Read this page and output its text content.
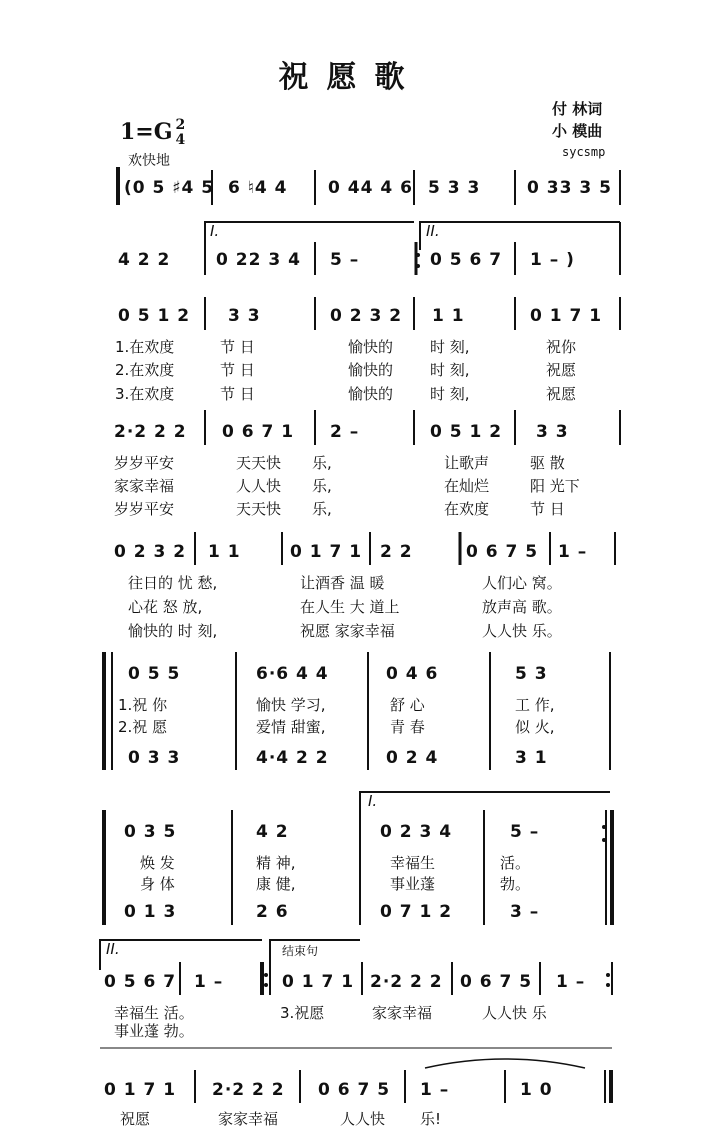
祝愿歌
付 林词
小 模曲
sycsmp
1=G 2
4
欢快地
I.	II.
I.
II.	结束句
(0 5 ♯4 5 6 ♮4 4 0 44 4 6 5 3 3	0 33 3 5
4 2 2	0 22 3 4 5 –	0 5 6 7 1 – )
0 5 1 2 3 3	0 2 3 2 1 1	0 1 7 1
1.在欢度	节 日	愉快的 时 刻,	祝你
2.在欢度	节 日	愉快的 时 刻,	祝愿
3.在欢度	节 日	愉快的 时 刻,	祝愿
2·2 2 2 0 6 7 1 2 –	0 5 1 2 3 3
岁岁平安	天天快 乐,	让歌声	驱 散
家家幸福	人人快 乐,	在灿烂	阳 光下
岁岁平安	天天快 乐,	在欢度	节 日
0 2 3 2 1 1	0 1 7 1 2 2	0 6 7 5 1 –
往日的 忧 愁,	让酒香 温 暖	人们心 窝。
心花 怒 放,	在人生 大 道上	放声高 歌。
愉快的 时 刻,	祝愿 家家幸福	人人快 乐。
0 5 5	6·6 4 4	0 4 6	5 3
1.祝 你	愉快 学习,	舒 心	工 作,
2.祝 愿	爱情 甜蜜,	青 春	似 火,
0 3 3	4·4 2 2	0 2 4	3 1
0 3 5	4 2	0 2 3 4	5 –
焕 发	精 神,	幸福生	活。
身 体	康 健,	事业蓬	勃。
0 1 3	2 6	0 7 1 2	3 –
0 5 6 7 1 –	0 1 7 1 2·2 2 2 0 6 7 5 1 –
幸福生 活。	3.祝愿	家家幸福	人人快 乐
事业蓬 勃。
0 1 7 1 2·2 2 2 0 6 7 5 1 –	1 0
祝愿	家家幸福	人人快 乐!
